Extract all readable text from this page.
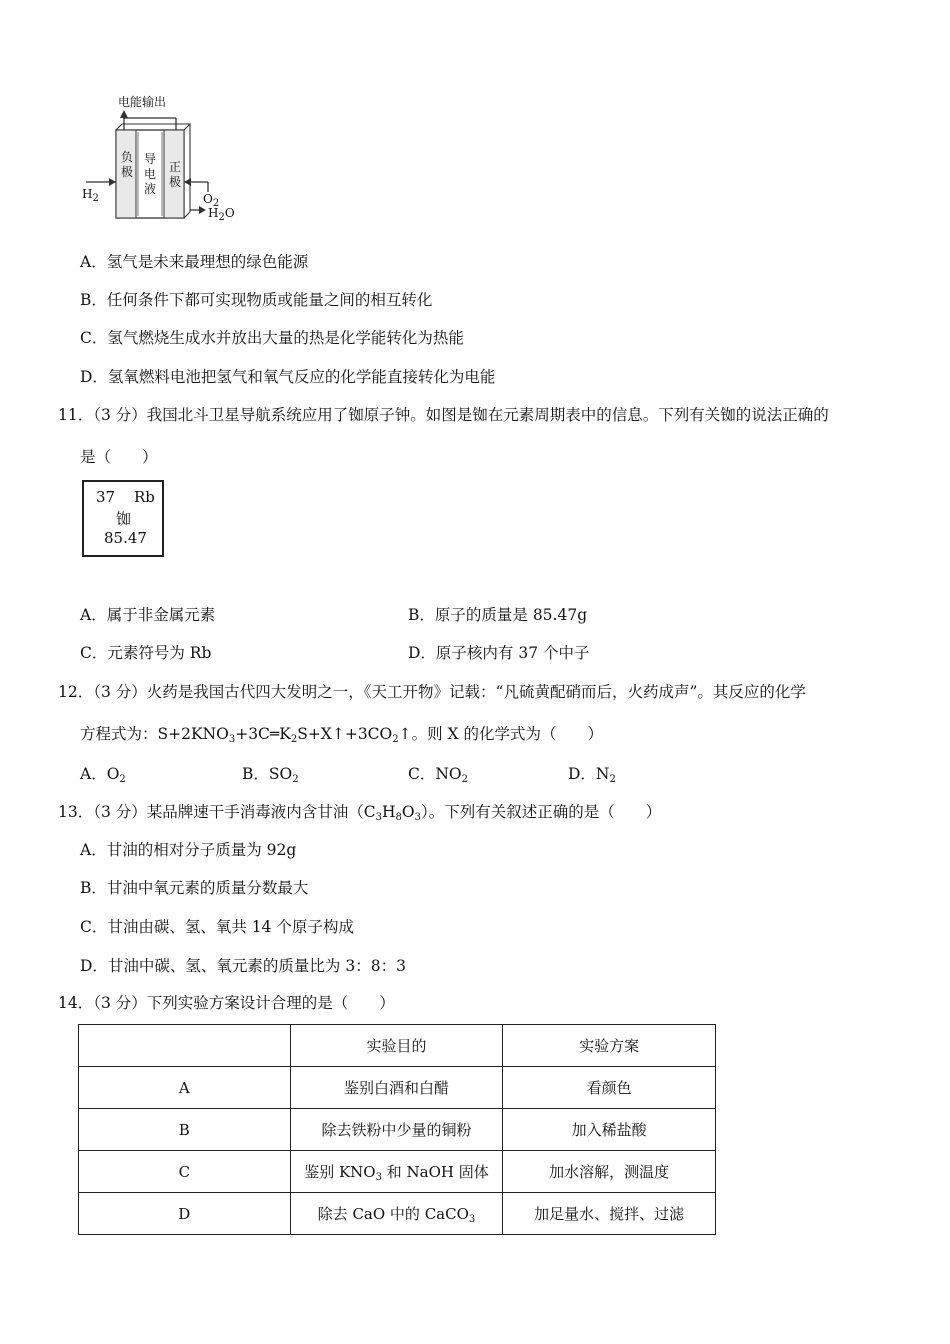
电能输出
负极
导电液
正极
$H_2$	$O_2$
$H_2O$
A．氢气是未来最理想的绿色能源
B．任何条件下都可实现物质或能量之间的相互转化
C．氢气燃烧生成水并放出大量的热是化学能转化为热能
D．氢氧燃料电池把氢气和氧气反应的化学能直接转化为电能
11．（3 分）我国北斗卫星导航系统应用了铷原子钟。如图是铷在元素周期表中的信息。下列有关铷的说法正确的
是（　　）
37 Rb
铷
85.47
A．属于非金属元素	B．原子的质量是 85.47g
C．元素符号为 Rb	D．原子核内有 37 个中子
12．（3 分）火药是我国古代四大发明之一，《天工开物》记载：“凡硫黄配硝而后，火药成声”。其反应的化学
方程式为：$S+2KNO_3+3C═K_2S+X↑+3CO_2↑$。则 X 的化学式为（　　）
A．$O_2$	B．$SO_2$	C．$NO_2$	D．$N_2$
13．（3 分）某品牌速干手消毒液内含甘油$(C_3H_8O_3)$。下列有关叙述正确的是（　　）
A．甘油的相对分子质量为 92g
B．甘油中氧元素的质量分数最大
C．甘油由碳、氢、氧共 14 个原子构成
D．甘油中碳、氢、氧元素的质量比为 3：8：3
14．（3 分）下列实验方案设计合理的是（　　）
	实验目的	实验方案
A	鉴别白酒和白醋	看颜色
B	除去铁粉中少量的铜粉	加入稀盐酸
C	鉴别 $KNO_3$ 和 NaOH 固体	加水溶解，测温度
D	除去 CaO 中的 CaCO$_3$	加足量水、搅拌、过滤
